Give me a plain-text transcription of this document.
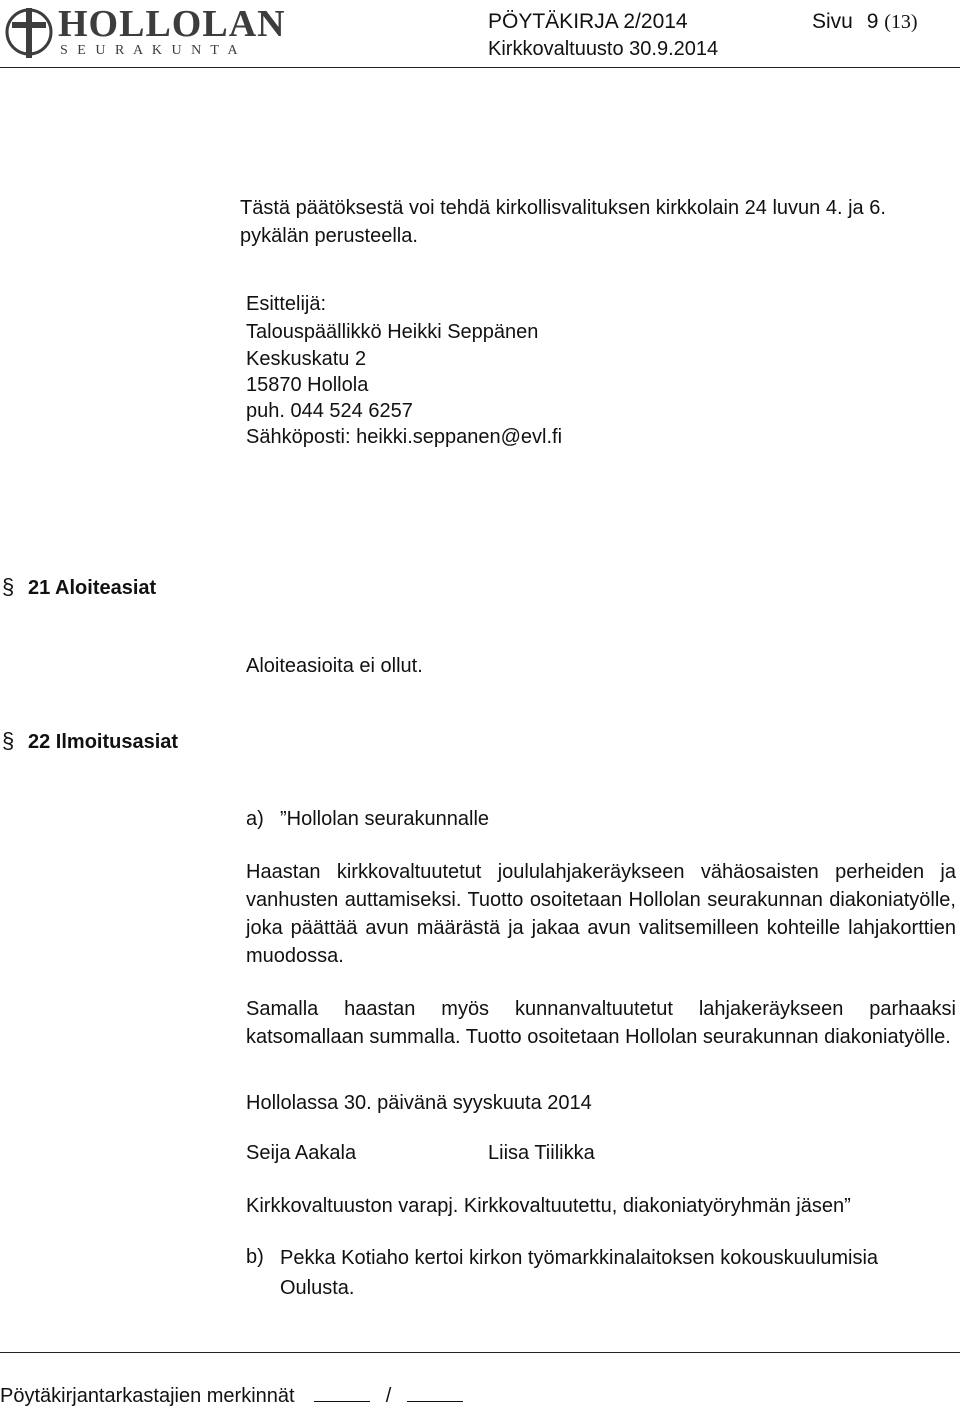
HOLLOLAN
S E U R A K U N T A
PÖYTÄKIRJA 2/2014
Kirkkovaltuusto 30.9.2014
Sivu 9 (13)
Tästä päätöksestä voi tehdä kirkollisvalituksen kirkkolain 24 luvun 4. ja 6. pykälän perusteella.
Esittelijä:
Talouspäällikkö Heikki Seppänen
Keskuskatu 2
15870 Hollola
puh. 044 524 6257
Sähköposti: heikki.seppanen@evl.fi
§ 21 Aloiteasiat
Aloiteasioita ei ollut.
§ 22 Ilmoitusasiat
a) ”Hollolan seurakunnalle
Haastan kirkkovaltuutetut joululahjakeräykseen vähäosaisten perheiden ja vanhusten auttamiseksi. Tuotto osoitetaan Hollolan seurakunnan diakoniatyölle, joka päättää avun määrästä ja jakaa avun valitsemilleen kohteille lahjakorttien muodossa.
Samalla haastan myös kunnanvaltuutetut lahjakeräykseen parhaaksi katsomallaan summalla. Tuotto osoitetaan Hollolan seurakunnan diakoniatyölle.
Hollolassa 30. päivänä syyskuuta 2014
Seija Aakala	Liisa Tiilikka
Kirkkovaltuuston varapj. Kirkkovaltuutettu, diakoniatyöryhmän jäsen”
b) Pekka Kotiaho kertoi kirkon työmarkkinalaitoksen kokouskuulumisia Oulusta.
Pöytäkirjantarkastajien merkinnät	/
